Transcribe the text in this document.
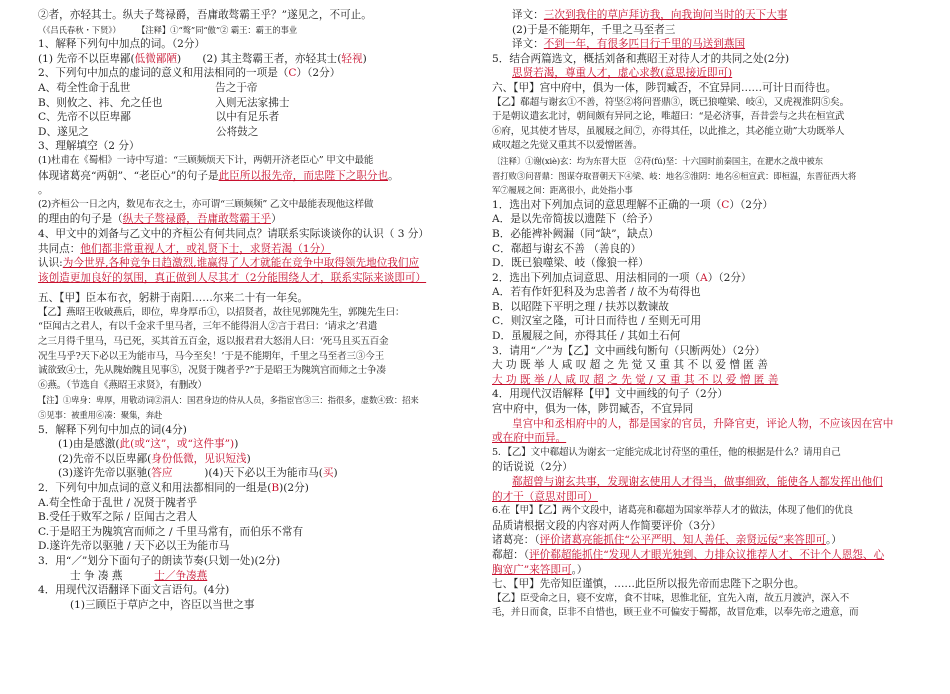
②者，亦轻其士。纵夫子骜禄爵，吾庸敢骜霸王乎？”遂见之，不可止。
（《吕氏春秋・下贤》）　　　【注释】①“骜”同“傲”② 霸王：霸王的事业
1、解释下列句中加点的词。（2分）
(1) 先帝不以臣卑鄙(低微鄙陋)　　(2) 其主骜霸王者，亦轻其士(轻视)
2、下列句中加点的虚词的意义和用法相同的一项是（C）（2分）
A、苟全性命于乱世　　　　　　　　告之于帝
B、则攸之、袆、允之任也　　　　　入则无法家拂士
C、先帝不以臣卑鄙　　　　　　　　以中有足乐者
D、遂见之　　　　　　　　　　　　公将鼓之
3、理解填空（2 分）
(1)杜甫在《蜀相》一诗中写道：“三顾频烦天下计，两朝开济老臣心” 甲文中最能
体现诸葛亮“两朝”、“老臣心”的句子是此臣所以报先帝，而忠陛下之职分也。
。
(2)齐桓公一日之内，数见布衣之士，亦可谓“三顾频频” 乙文中最能表现他这样做
的理由的句子是（纵夫子骜禄爵，吾庸敢骜霸王乎）
4、甲文中的刘备与乙文中的齐桓公有何共同点？请联系实际谈谈你的认识（ 3 分）
共同点：他们都非常重视人才，或礼贤下士，求贤若渴（1分）
认识:为今世界,各种竞争日趋激烈,谁赢得了人才就能在竞争中取得领先地位我们应
该创造更加良好的氛围，真正做到人尽其才（2分能围绕人才，联系实际来谈即可）
五、【甲】臣本布衣，躬耕于南阳……尔来二十有一年矣。
【乙】燕昭王收破燕后，即位，卑身厚币①，以招贤者，故往见郭隗先生，郭隗先生曰：
“臣闻古之君人，有以千金求千里马者，三年不能得涓人②言于君曰：‘请求之’君遣
之三月得千里马，马已死，买其首五百金，返以报君君大怒涓人曰：‘死马且买五百金
况生马乎?天下必以王为能市马，马今至矣！’于是不能期年，千里之马至者三③今王
诚欲致④士，先从隗始隗且见事⑤，况贤于隗者乎?”于是昭王为隗筑宫而师之士争凑
⑥燕。（节选自《燕昭王求贤》，有删改）
【注】①卑身：卑厚，用敬动词②涓人：国君身边的侍从人员，多指宦官③三：指很多，虚数④致：招来
⑤见事：被重用⑥凑：聚集，奔赴
5．解释下列句中加点的词(4分)
(1)由是感激(此(或“这”，或“这件事”))
(2)先帝不以臣卑鄙(身份低微，见识短浅)
(3)遂许先帝以驱驰(答应　　　)(4)天下必以王为能市马(买)
2．下列句中加点词的意义和用法都相同的一组是(B)(2分)
A.苟全性命于乱世 / 况贤于隗者乎
B.受任于败军之际 / 臣闻古之君人
C.于是昭王为隗筑宫而师之 / 千里马常有，而伯乐不常有
D.遂许先帝以驱驰 / 天下必以王为能市马
3．用“／”划分下面句子的朗读节奏(只划一处)(2分)
士 争 凑 燕　　　士／争凑燕
4．用现代汉语翻译下面文言语句。(4分)
(1)三顾臣于草庐之中，咨臣以当世之事
译文：三次到我住的草庐拜访我，向我询问当时的天下大事
(2)于是不能期年，千里之马至者三
译文：不到一年，有很多匹日行千里的马送到燕国
5．结合两篇选文，概括刘备和燕昭王对待人才的共同之处(2分)
思贤若渴，尊重人才，虚心求教(意思接近即可)
六、【甲】宫中府中，俱为一体，陟罚臧否，不宜异同……可计日而待也。
【乙】郗超与谢玄①不善，符坚②将问晋鼎③，既已狼噬梁、岐④，又虎视淮阴⑤矣。
于是朝议遣玄北讨，朝间颇有异同之论，唯超曰：“是必济事，吾昔尝与之共在桓宣武
⑥府，见其使才皆尽，虽履屐之间⑦，亦得其任，以此推之，其必能立勋”大功既举人
咸叹超之先觉又重其不以爱憎匿善。
〔注释〕①谢(xiè)玄：均为东晋大臣　②苻(fú)坚：十六国时前秦国主，在淝水之战中被东
晋打败③问晋鼎：图谋夺取晋朝天下④梁、岐：地名⑤淮阴：地名⑥桓宣武：即桓温，东晋征西大将
军⑦履屐之间：距离很小，此处指小事
1．选出对下列加点词的意思理解不正确的一项（C）（2分）
A．是以先帝简拔以遗陛下（给予）
B．必能裨补阙漏（同“缺”，缺点）
C．郗超与谢玄不善 （善良的）
D．既已狼噬梁、岐（像狼一样）
2．选出下列加点词意思、用法相同的一项（A）（2分）
A．若有作奸犯科及为忠善者 / 故不为苟得也
B．以昭陛下平明之理 / 扶苏以数谏故
C．则汉室之隆，可计日而待也 / 至则无可用
D．虽履屐之间，亦得其任 / 其如土石何
3．请用“／”为【乙】文中画线句断句（只断两处）（2分）
大 功 既 举 人 咸 叹 超 之 先 觉 又 重 其 不 以 爱 憎 匿 善
大 功 既 举 /人 咸 叹 超 之 先 觉 / 又 重 其 不 以 爱 憎 匿 善
4．用现代汉语解释【甲】文中画线的句子（2分）
宫中府中，俱为一体，陟罚臧否，不宜异同
皇宫中和丞相府中的人，都是国家的官员，升降官吏，评论人物，不应该因在宫中
或在府中而异。
5．【乙】文中郗超认为谢玄一定能完成北讨苻坚的重任，他的根据是什么？请用自己
的话说说（2分）
郗超曾与谢玄共事，发现谢玄使用人才得当，做事细致，能使各人都发挥出他们
的才干（意思对即可）
6.在【甲】【乙】两个文段中，诸葛亮和郗超为国家举荐人才的做法，体现了他们的优良
品质请根据文段的内容对两人作简要评价（3分）
诸葛亮：（评价诸葛亮能抓住“公平严明、知人善任、亲贤远佞”来答即可。）
郗超：（评价郗超能抓住“发现人才眼光独到、力排众议推荐人才、不计个人恩怨、心
胸宽广”来答即可。）
七、【甲】先帝知臣谨慎，……此臣所以报先帝而忠陛下之职分也。
【乙】臣受命之日，寝不安席，食不甘味，思惟北征，宜先入南，故五月渡泸，深入不
毛，并日而食，臣非不自惜也，顾王业不可偏安于蜀都，故冒危难，以奉先帝之遗意，而
